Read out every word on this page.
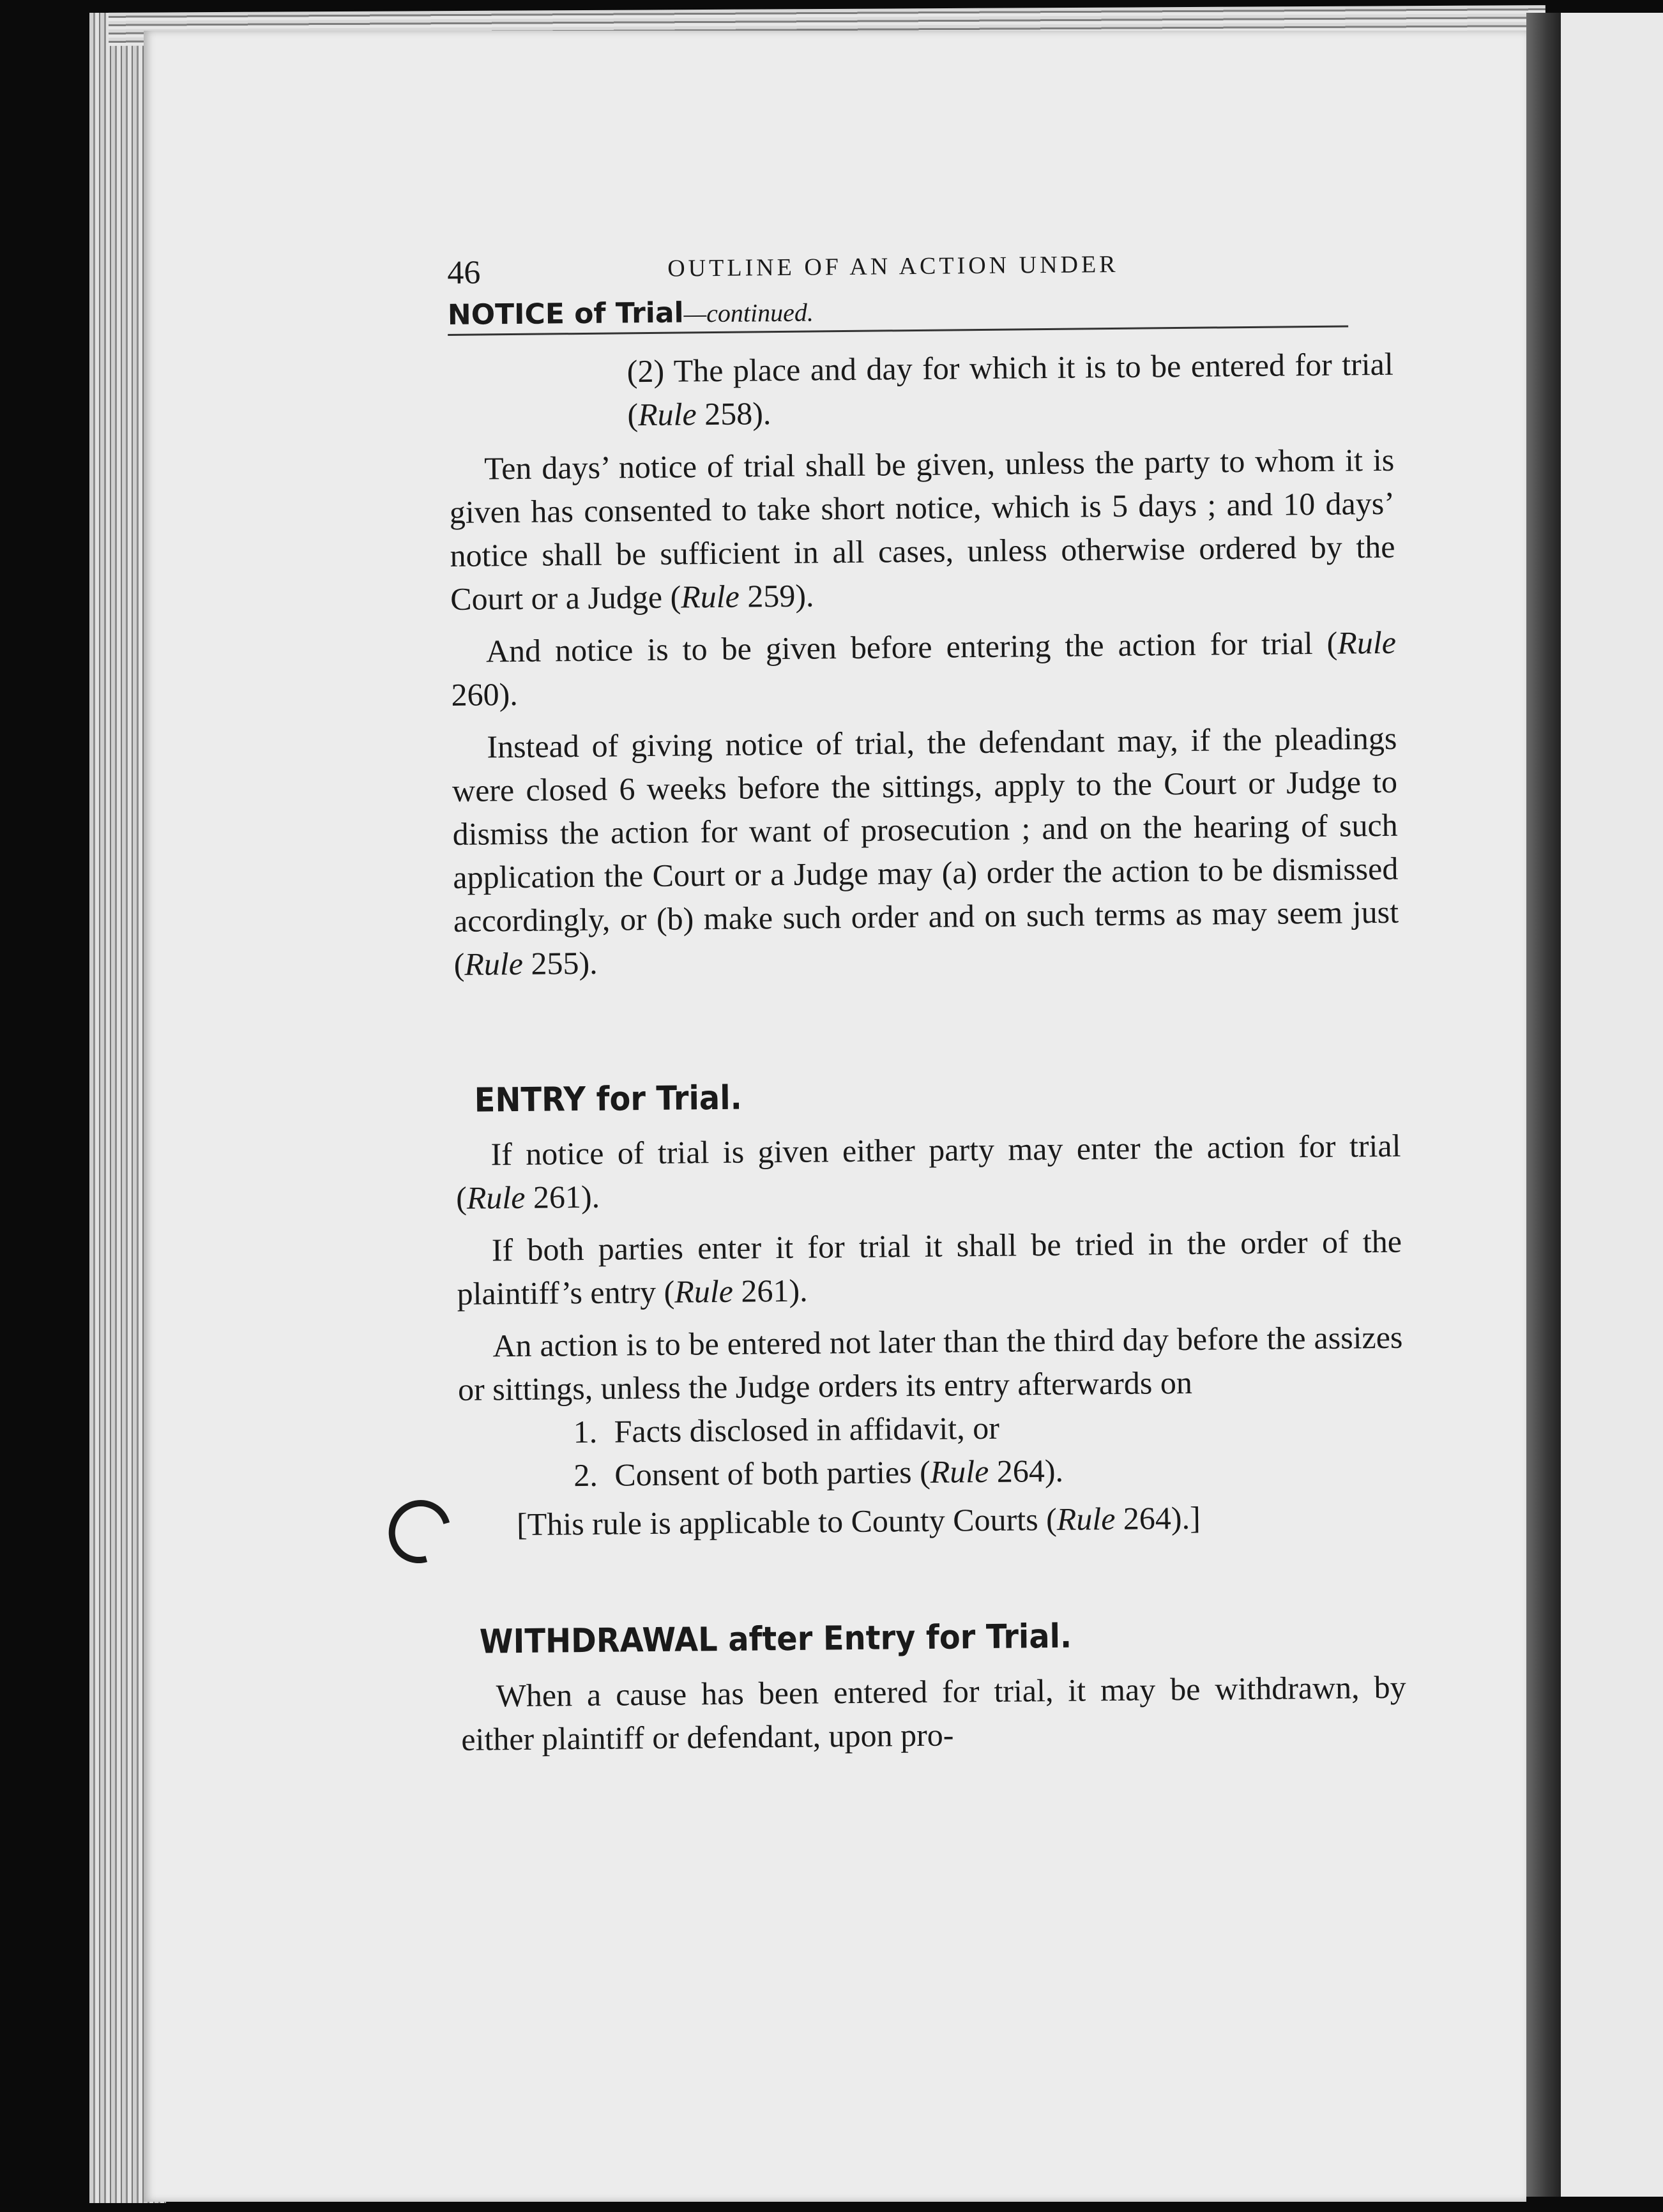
46	OUTLINE OF AN ACTION UNDER
NOTICE of Trial—continued.

(2) The place and day for which it is to be entered for trial (Rule 258).

Ten days’ notice of trial shall be given, unless the party to whom it is given has consented to take short notice, which is 5 days ; and 10 days’ notice shall be sufficient in all cases, unless otherwise ordered by the Court or a Judge (Rule 259).

And notice is to be given before entering the action for trial (Rule 260).

Instead of giving notice of trial, the defendant may, if the pleadings were closed 6 weeks before the sittings, apply to the Court or Judge to dismiss the action for want of prosecution ; and on the hearing of such application the Court or a Judge may (a) order the action to be dismissed accordingly, or (b) make such order and on such terms as may seem just (Rule 255).

ENTRY for Trial.

If notice of trial is given either party may enter the action for trial (Rule 261).

If both parties enter it for trial it shall be tried in the order of the plaintiff’s entry (Rule 261).

An action is to be entered not later than the third day before the assizes or sittings, unless the Judge orders its entry afterwards on

1. Facts disclosed in affidavit, or
2. Consent of both parties (Rule 264).
[This rule is applicable to County Courts (Rule 264).]
WITHDRAWAL after Entry for Trial.

When a cause has been entered for trial, it may be withdrawn, by either plaintiff or defendant, upon pro-
